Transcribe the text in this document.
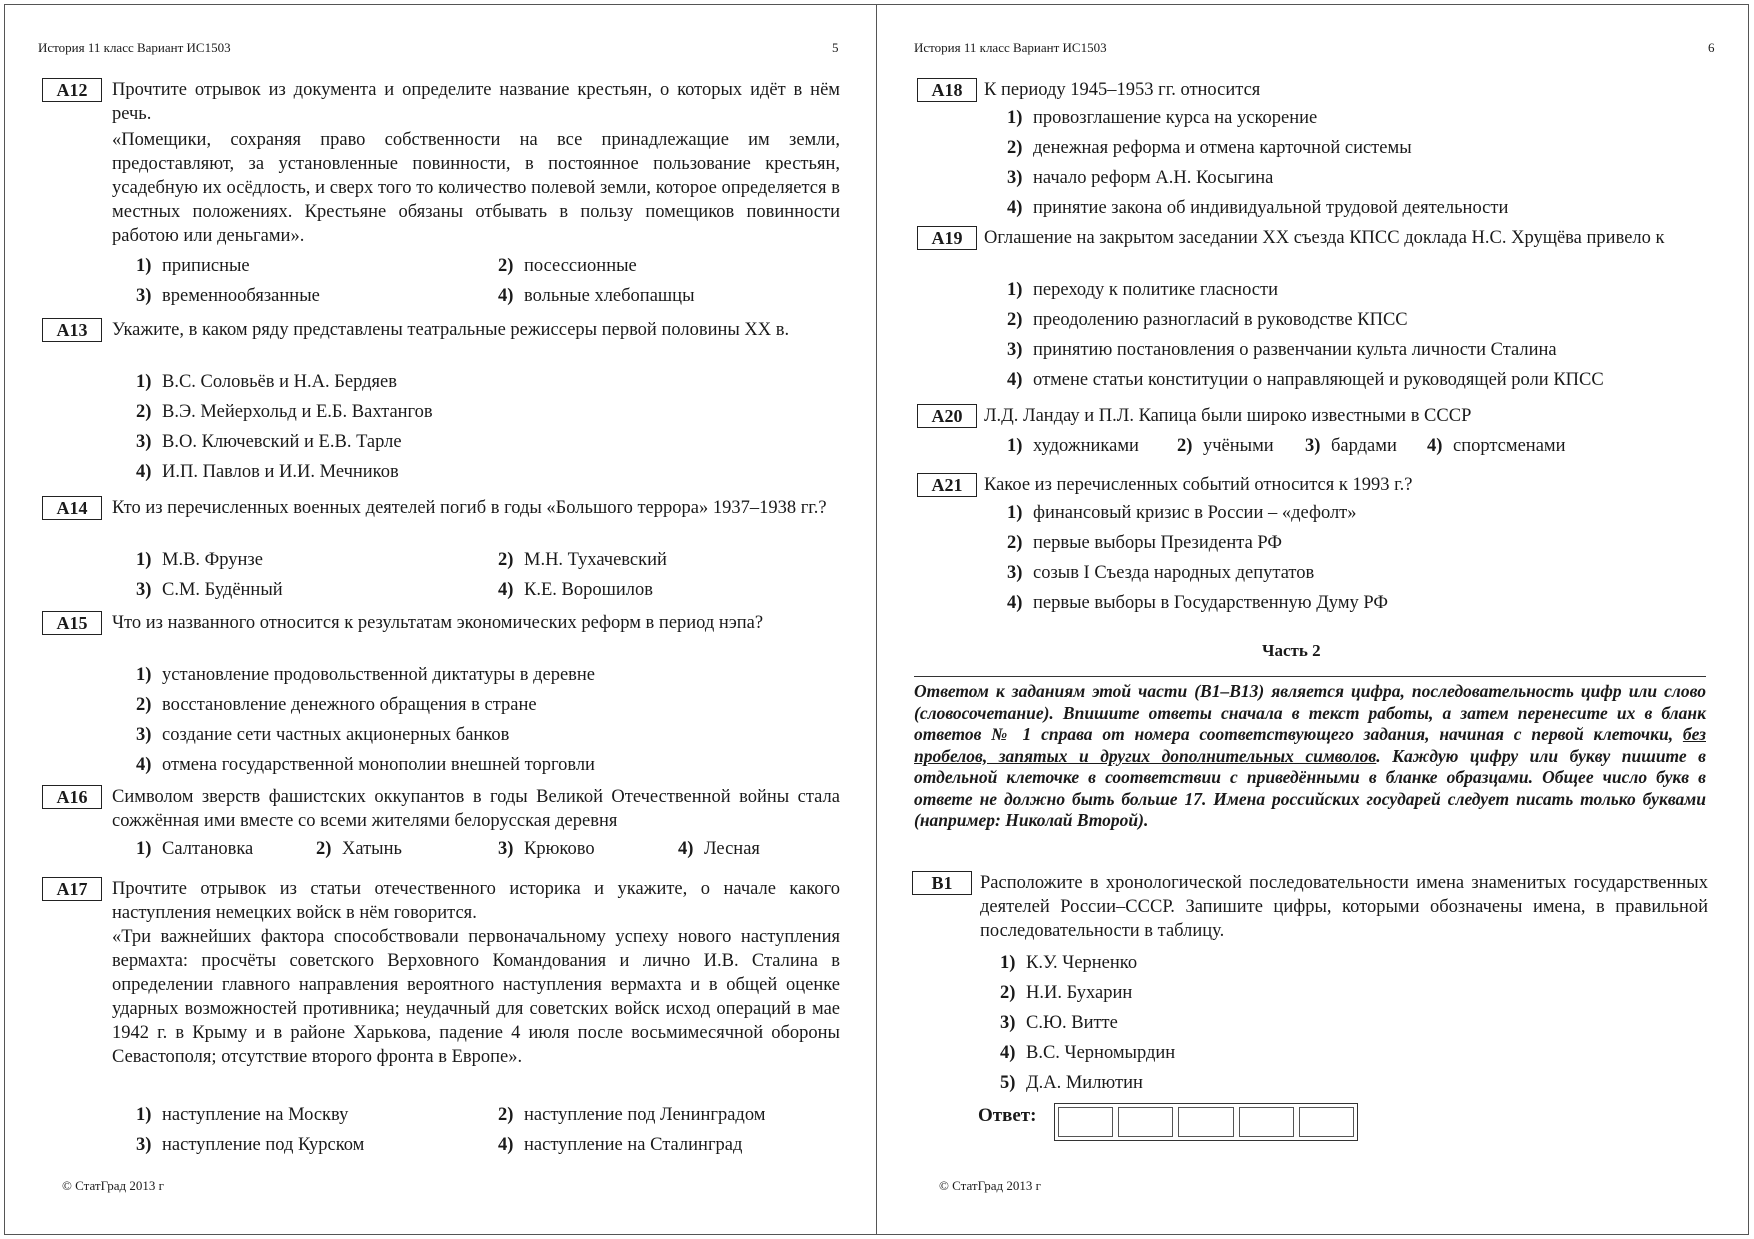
История 11 класс Вариант ИС1503	5
A12	Прочтите отрывок из документа и определите название крестьян, о которых идёт в нём речь.
«Помещики, сохраняя право собственности на все принадлежащие им земли, предоставляют, за установленные повинности, в постоянное пользование крестьян, усадебную их осёдлость, и сверх того то количество полевой земли, которое определяется в местных положениях. Крестьяне обязаны отбывать в пользу помещиков повинности работою или деньгами».
1) приписные	2) посессионные
3) временнообязанные	4) вольные хлебопашцы
A13	Укажите, в каком ряду представлены театральные режиссеры первой половины XX в.
1) В.С. Соловьёв и Н.А. Бердяев
2) В.Э. Мейерхольд и Е.Б. Вахтангов
3) В.О. Ключевский и Е.В. Тарле
4) И.П. Павлов и И.И. Мечников
A14	Кто из перечисленных военных деятелей погиб в годы «Большого террора» 1937–1938 гг.?
1) М.В. Фрунзе	2) М.Н. Тухачевский
3) С.М. Будённый	4) К.Е. Ворошилов
A15	Что из названного относится к результатам экономических реформ в период нэпа?
1) установление продовольственной диктатуры в деревне
2) восстановление денежного обращения в стране
3) создание сети частных акционерных банков
4) отмена государственной монополии внешней торговли
A16	Символом зверств фашистских оккупантов в годы Великой Отечественной войны стала сожжённая ими вместе со всеми жителями белорусская деревня
1) Салтановка	2) Хатынь	3) Крюково	4) Лесная
A17	Прочтите отрывок из статьи отечественного историка и укажите, о начале какого наступления немецких войск в нём говорится.
«Три важнейших фактора способствовали первоначальному успеху нового наступления вермахта: просчёты советского Верховного Командования и лично И.В. Сталина в определении главного направления вероятного наступления вермахта и в общей оценке ударных возможностей противника; неудачный для советских войск исход операций в мае 1942 г. в Крыму и в районе Харькова, падение 4 июля после восьмимесячной обороны Севастополя; отсутствие второго фронта в Европе».
1) наступление на Москву	2) наступление под Ленинградом
3) наступление под Курском	4) наступление на Сталинград
© СтатГрад 2013 г
История 11 класс Вариант ИС1503	6
A18	К периоду 1945–1953 гг. относится
1) провозглашение курса на ускорение
2) денежная реформа и отмена карточной системы
3) начало реформ А.Н. Косыгина
4) принятие закона об индивидуальной трудовой деятельности
A19	Оглашение на закрытом заседании XX съезда КПСС доклада Н.С. Хрущёва привело к
1) переходу к политике гласности
2) преодолению разногласий в руководстве КПСС
3) принятию постановления о развенчании культа личности Сталина
4) отмене статьи конституции о направляющей и руководящей роли КПСС
A20	Л.Д. Ландау и П.Л. Капица были широко известными в СССР
1) художниками 2) учёными 3) бардами 4) спортсменами
A21	Какое из перечисленных событий относится к 1993 г.?
1) финансовый кризис в России – «дефолт»
2) первые выборы Президента РФ
3) созыв I Съезда народных депутатов
4) первые выборы в Государственную Думу РФ
© СтатГрад 2013 г
Часть 2
Ответом к заданиям этой части (В1–В13) является цифра, последовательность цифр или слово (словосочетание). Впишите ответы сначала в текст работы, а затем перенесите их в бланк ответов № 1 справа от номера соответствующего задания, начиная с первой клеточки, без пробелов, запятых и других дополнительных символов. Каждую цифру или букву пишите в отдельной клеточке в соответствии с приведёнными в бланке образцами. Общее число букв в ответе не должно быть больше 17. Имена российских государей следует писать только буквами (например: Николай Второй).
В1	Расположите в хронологической последовательности имена знаменитых государственных деятелей России–СССР. Запишите цифры, которыми обозначены имена, в правильной последовательности в таблицу.
1) К.У. Черненко
2) Н.И. Бухарин
3) С.Ю. Витте
4) В.С. Черномырдин
5) Д.А. Милютин
Ответ:
